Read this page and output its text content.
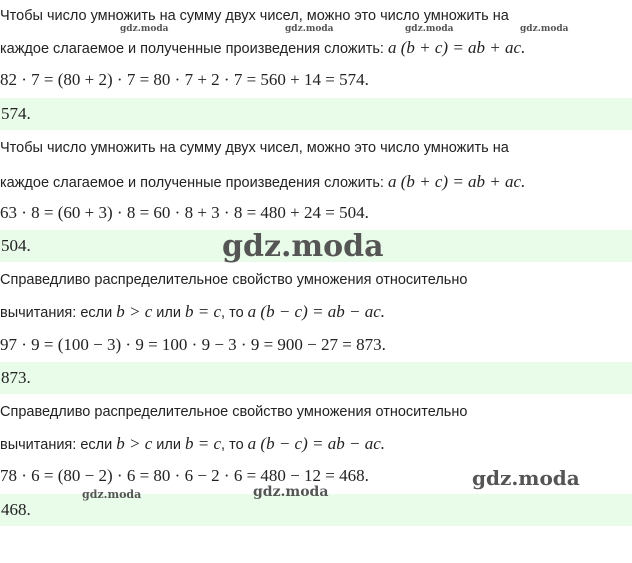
Чтобы число умножить на сумму двух чисел, можно это число умножить на
каждое слагаемое и полученные произведения сложить: a (b + c) = ab + ac.
82 · 7 = (80 + 2) · 7 = 80 · 7 + 2 · 7 = 560 + 14 = 574.
574.
Чтобы число умножить на сумму двух чисел, можно это число умножить на
каждое слагаемое и полученные произведения сложить: a (b + c) = ab + ac.
63 · 8 = (60 + 3) · 8 = 60 · 8 + 3 · 8 = 480 + 24 = 504.
504.
Справедливо распределительное свойство умножения относительно
вычитания: если b > c или b = c, то a (b − c) = ab − ac.
97 · 9 = (100 − 3) · 9 = 100 · 9 − 3 · 9 = 900 − 27 = 873.
873.
Справедливо распределительное свойство умножения относительно
вычитания: если b > c или b = c, то a (b − c) = ab − ac.
78 · 6 = (80 − 2) · 6 = 80 · 6 − 2 · 6 = 480 − 12 = 468.
468.
gdz.moda	gdz.moda	gdz.moda	gdz.moda
gdz.moda
gdz.moda
gdz.moda	gdz.moda
